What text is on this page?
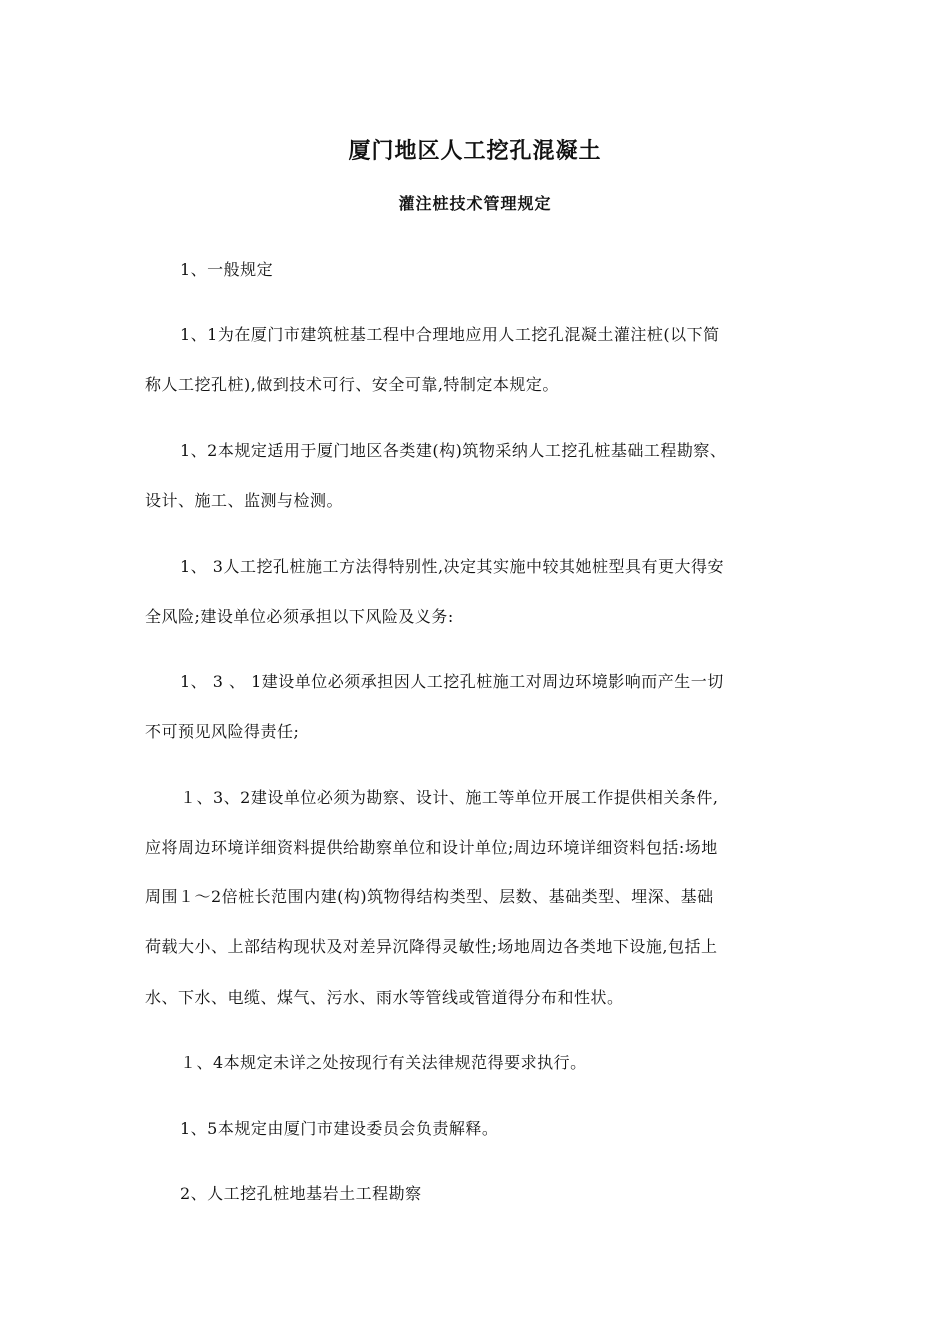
厦门地区人工挖孔混凝土
灌注桩技术管理规定
1、一般规定
1、1为在厦门市建筑桩基工程中合理地应用人工挖孔混凝土灌注桩(以下简
称人工挖孔桩),做到技术可行、安全可靠,特制定本规定。
1、2本规定适用于厦门地区各类建(构)筑物采纳人工挖孔桩基础工程勘察、
设计、施工、监测与检测。
1、 3人工挖孔桩施工方法得特别性,决定其实施中较其她桩型具有更大得安
全风险;建设单位必须承担以下风险及义务:
1、 3 、 1建设单位必须承担因人工挖孔桩施工对周边环境影响而产生一切
不可预见风险得责任;
１、3、2建设单位必须为勘察、设计、施工等单位开展工作提供相关条件,
应将周边环境详细资料提供给勘察单位和设计单位;周边环境详细资料包括:场地
周围１～2倍桩长范围内建(构)筑物得结构类型、层数、基础类型、埋深、基础
荷载大小、上部结构现状及对差异沉降得灵敏性;场地周边各类地下设施,包括上
水、下水、电缆、煤气、污水、雨水等管线或管道得分布和性状。
１、4本规定未详之处按现行有关法律规范得要求执行。
1、5本规定由厦门市建设委员会负责解释。
2、人工挖孔桩地基岩土工程勘察
